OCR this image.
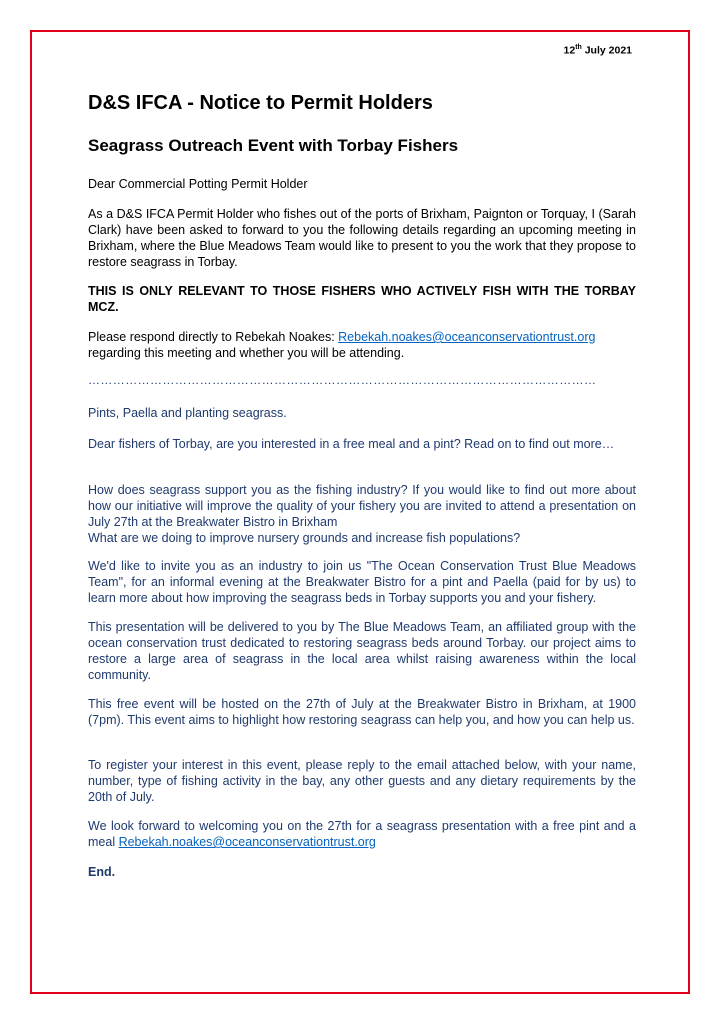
12th July 2021
D&S IFCA - Notice to Permit Holders
Seagrass Outreach Event with Torbay Fishers

Dear Commercial Potting Permit Holder

As a D&S IFCA Permit Holder who fishes out of the ports of Brixham, Paignton or Torquay, I (Sarah Clark) have been asked to forward to you the following details regarding an upcoming meeting in Brixham, where the Blue Meadows Team would like to present to you the work that they propose to restore seagrass in Torbay.

THIS IS ONLY RELEVANT TO THOSE FISHERS WHO ACTIVELY FISH WITH THE TORBAY MCZ.

Please respond directly to Rebekah Noakes: Rebekah.noakes@oceanconservationtrust.org
regarding this meeting and whether you will be attending.

……………………………………………………………………………………………………………

Pints, Paella and planting seagrass.

Dear fishers of Torbay, are you interested in a free meal and a pint? Read on to find out more…

How does seagrass support you as the fishing industry? If you would like to find out more about how our initiative will improve the quality of your fishery you are invited to attend a presentation on July 27th at the Breakwater Bistro in Brixham
What are we doing to improve nursery grounds and increase fish populations?

We'd like to invite you as an industry to join us "The Ocean Conservation Trust Blue Meadows Team", for an informal evening at the Breakwater Bistro for a pint and Paella (paid for by us) to learn more about how improving the seagrass beds in Torbay supports you and your fishery.

This presentation will be delivered to you by The Blue Meadows Team, an affiliated group with the ocean conservation trust dedicated to restoring seagrass beds around Torbay. our project aims to restore a large area of seagrass in the local area whilst raising awareness within the local community.

This free event will be hosted on the 27th of July at the Breakwater Bistro in Brixham, at 1900 (7pm). This event aims to highlight how restoring seagrass can help you, and how you can help us.

To register your interest in this event, please reply to the email attached below, with your name, number, type of fishing activity in the bay, any other guests and any dietary requirements by the 20th of July.

We look forward to welcoming you on the 27th for a seagrass presentation with a free pint and a meal Rebekah.noakes@oceanconservationtrust.org

End.
